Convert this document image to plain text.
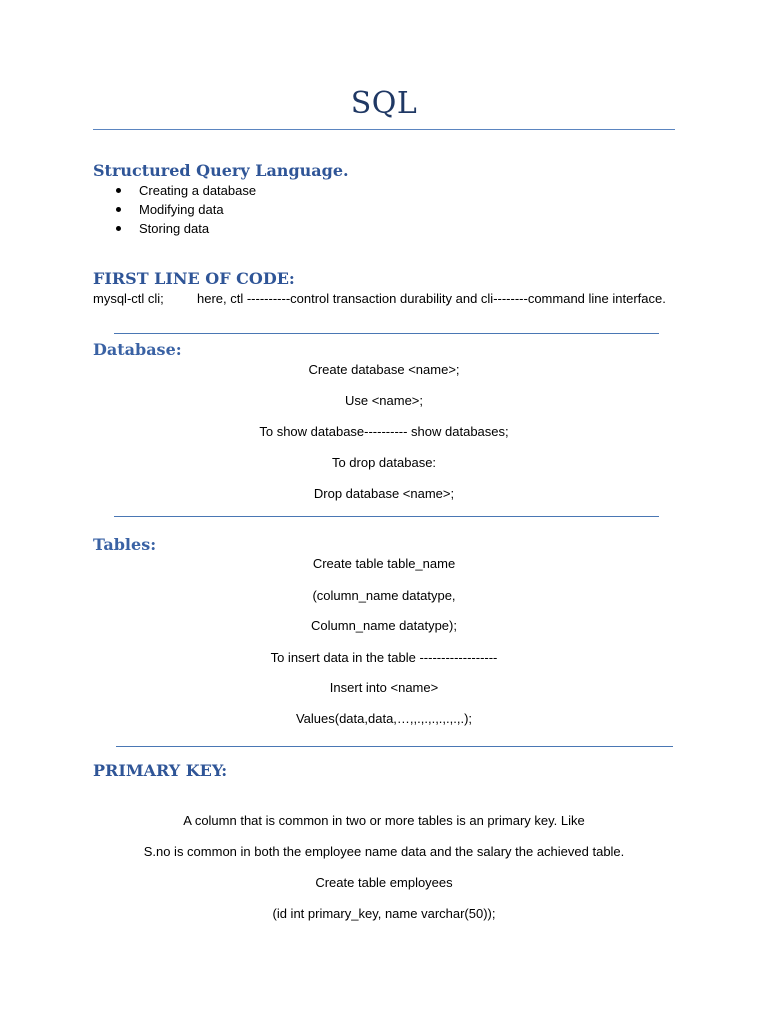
SQL
Structured Query Language.
Creating a database
Modifying data
Storing data
FIRST LINE OF CODE:
mysql-ctl cli;	here, ctl ----------control transaction durability and cli--------command line interface.
Database:
Create database <name>;
Use <name>;
To show database---------- show databases;
To drop database:
Drop database <name>;
Tables:
Create table table_name
(column_name datatype,
Column_name datatype);
To insert data in the table ------------------
Insert into <name>
Values(data,data,…,,.,.,.,.,.,.,.);
PRIMARY KEY:
A column that is common in two or more tables is an primary key. Like
S.no is common in both the employee name data and the salary the achieved table.
Create table employees
(id int primary_key, name varchar(50));
